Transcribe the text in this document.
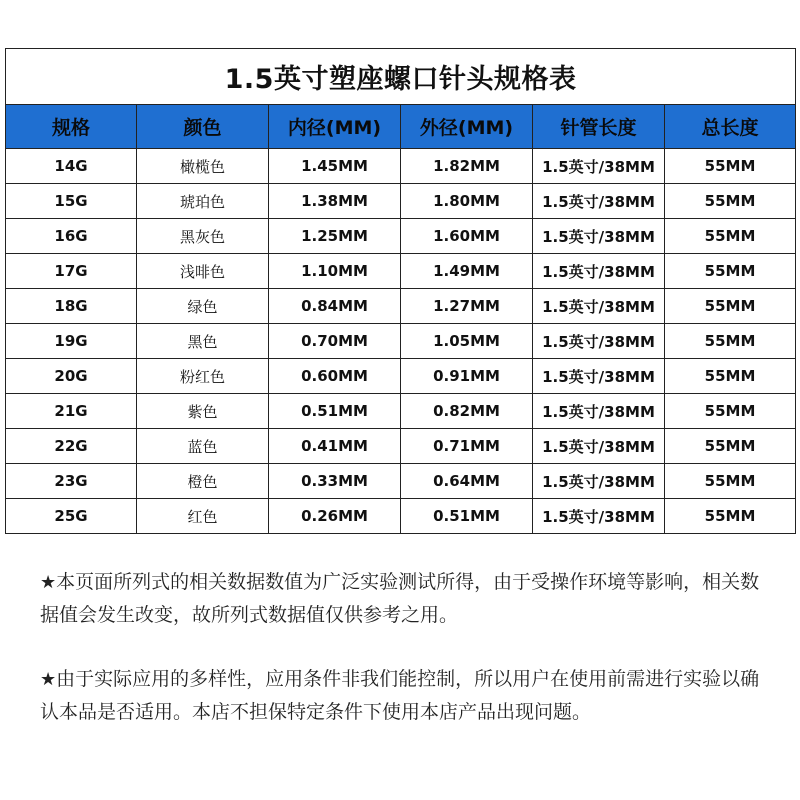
1.5英寸塑座螺口针头规格表					
规格	颜色	内径(MM)	外径(MM)	针管长度	总长度
14G	橄榄色	1.45MM	1.82MM	1.5英寸/38MM	55MM
15G	琥珀色	1.38MM	1.80MM	1.5英寸/38MM	55MM
16G	黑灰色	1.25MM	1.60MM	1.5英寸/38MM	55MM
17G	浅啡色	1.10MM	1.49MM	1.5英寸/38MM	55MM
18G	绿色	0.84MM	1.27MM	1.5英寸/38MM	55MM
19G	黑色	0.70MM	1.05MM	1.5英寸/38MM	55MM
20G	粉红色	0.60MM	0.91MM	1.5英寸/38MM	55MM
21G	紫色	0.51MM	0.82MM	1.5英寸/38MM	55MM
22G	蓝色	0.41MM	0.71MM	1.5英寸/38MM	55MM
23G	橙色	0.33MM	0.64MM	1.5英寸/38MM	55MM
25G	红色	0.26MM	0.51MM	1.5英寸/38MM	55MM

★本页面所列式的相关数据数值为广泛实验测试所得，由于受操作环境等影响，相关数据值会发生改变，故所列式数据值仅供参考之用。

★由于实际应用的多样性，应用条件非我们能控制，所以用户在使用前需进行实验以确认本品是否适用。本店不担保特定条件下使用本店产品出现问题。
